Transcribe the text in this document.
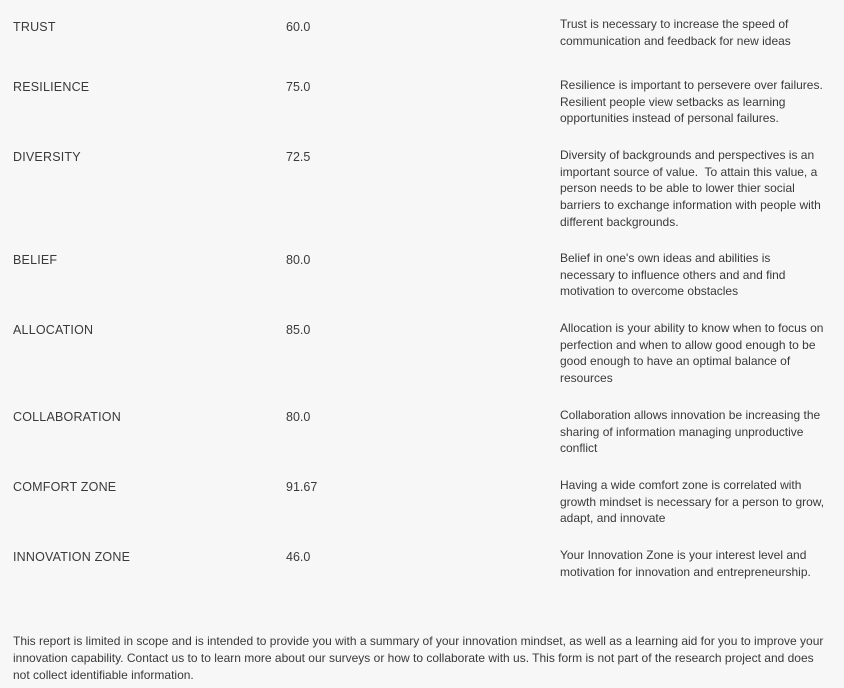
TRUST	60.0	Trust is necessary to increase the speed of communication and feedback for new ideas
RESILIENCE	75.0	Resilience is important to persevere over failures. Resilient people view setbacks as learning opportunities instead of personal failures.
DIVERSITY	72.5	Diversity of backgrounds and perspectives is an important source of value.  To attain this value, a person needs to be able to lower thier social barriers to exchange information with people with different backgrounds.
BELIEF	80.0	Belief in one's own ideas and abilities is necessary to influence others and and find motivation to overcome obstacles
ALLOCATION	85.0	Allocation is your ability to know when to focus on perfection and when to allow good enough to be good enough to have an optimal balance of resources
COLLABORATION	80.0	Collaboration allows innovation be increasing the sharing of information managing unproductive conflict
COMFORT ZONE	91.67	Having a wide comfort zone is correlated with growth mindset is necessary for a person to grow, adapt, and innovate
INNOVATION ZONE	46.0	Your Innovation Zone is your interest level and motivation for innovation and entrepreneurship.
This report is limited in scope and is intended to provide you with a summary of your innovation mindset, as well as a learning aid for you to improve your innovation capability. Contact us to to learn more about our surveys or how to collaborate with us. This form is not part of the research project and does not collect identifiable information.
